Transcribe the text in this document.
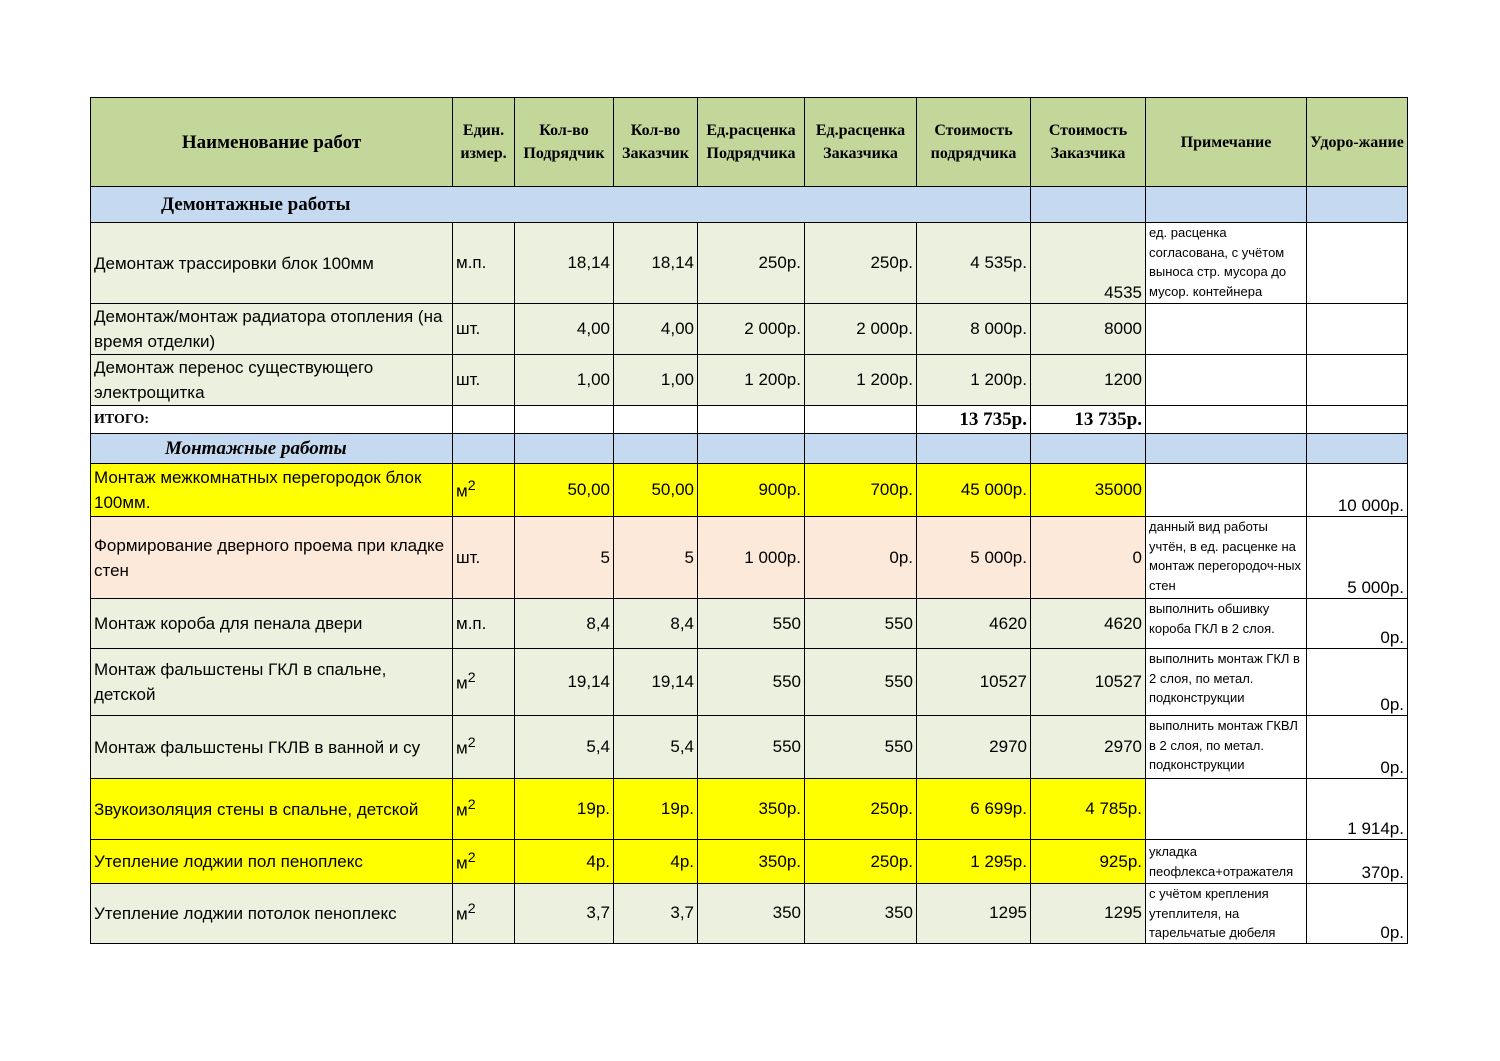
Наименование работ	Един. измер.	Кол-во Подрядчик	Кол-во Заказчик	Ед.расценка Подрядчика	Ед.расценка Заказчика	Стоимость подрядчика	Стоимость Заказчика	Примечание	Удоро-жание
Демонтажные работы									
Демонтаж трассировки блок 100мм	м.п.	18,14	18,14	250р.	250р.	4 535р.	4535	ед. расценка согласована, с учётом выноса стр. мусора до мусор. контейнера	
Демонтаж/монтаж радиатора отопления (на время отделки)	шт.	4,00	4,00	2 000р.	2 000р.	8 000р.	8000		
Демонтаж перенос существующего электрощитка	шт.	1,00	1,00	1 200р.	1 200р.	1 200р.	1200		
ИТОГО:						13 735р.	13 735р.		
Монтажные работы									
Монтаж межкомнатных перегородок блок 100мм.	$м^2$	50,00	50,00	900р.	700р.	45 000р.	35000		10 000р.
Формирование дверного проема при кладке стен	шт.	5	5	1 000р.	0р.	5 000р.	0	данный вид работы учтён, в ед. расценке на монтаж перегородоч-ных стен	5 000р.
Монтаж короба для пенала двери	м.п.	8,4	8,4	550	550	4620	4620	выполнить обшивку короба ГКЛ в 2 слоя.	0р.
Монтаж фальшстены ГКЛ в спальне, детской	$м^2$	19,14	19,14	550	550	10527	10527	выполнить монтаж ГКЛ в 2 слоя, по метал. подконструкции	0р.
Монтаж фальшстены ГКЛВ в ванной и су	$м^2$	5,4	5,4	550	550	2970	2970	выполнить монтаж ГКВЛ в 2 слоя, по метал. подконструкции	0р.
Звукоизоляция стены в спальне, детской	$м^2$	19р.	19р.	350р.	250р.	6 699р.	4 785р.		1 914р.
Утепление лоджии пол пеноплекс	$м^2$	4р.	4р.	350р.	250р.	1 295р.	925р.	укладка пеофлекса+отражателя	370р.
Утепление лоджии потолок пеноплекс	$м^2$	3,7	3,7	350	350	1295	1295	с учётом крепления утеплителя, на тарельчатые дюбеля	0р.
